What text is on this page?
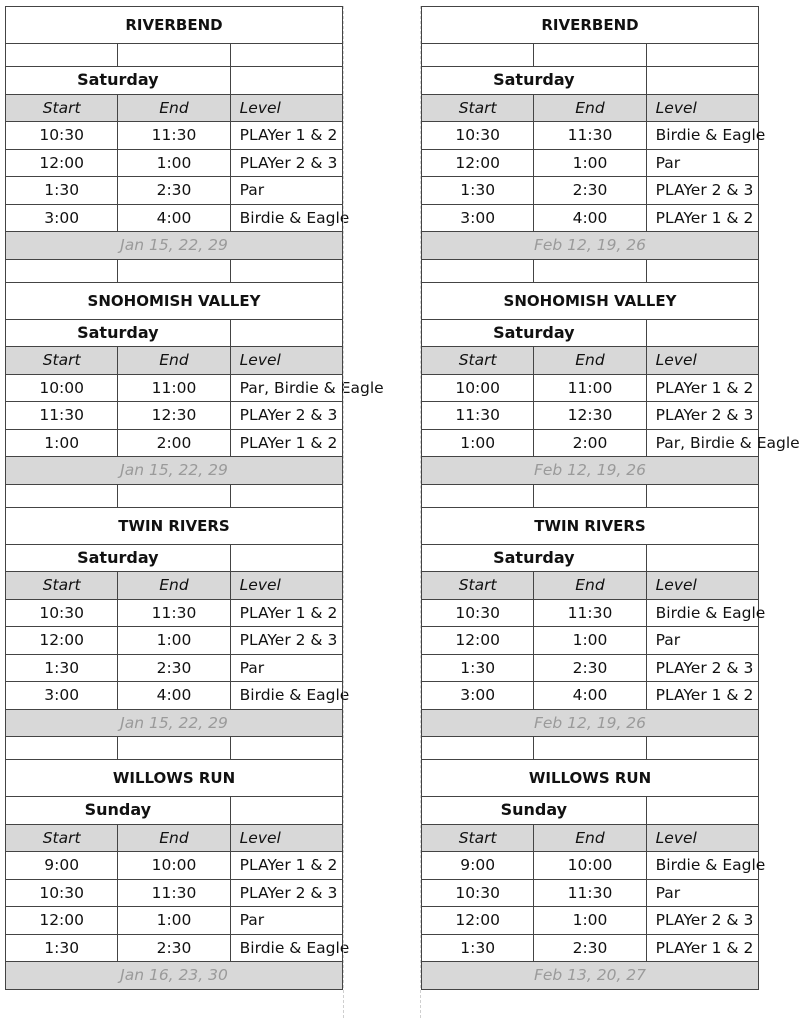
RIVERBEND		

Saturday		
Start	End	Level
10:30	11:30	PLAYer 1 & 2
12:00	1:00	PLAYer 2 & 3
1:30	2:30	Par
3:00	4:00	Birdie & Eagle
Jan 15, 22, 29		

SNOHOMISH VALLEY		
Saturday		
Start	End	Level
10:00	11:00	Par, Birdie & Eagle
11:30	12:30	PLAYer 2 & 3
1:00	2:00	PLAYer 1 & 2
Jan 15, 22, 29		

TWIN RIVERS		
Saturday		
Start	End	Level
10:30	11:30	PLAYer 1 & 2
12:00	1:00	PLAYer 2 & 3
1:30	2:30	Par
3:00	4:00	Birdie & Eagle
Jan 15, 22, 29		

WILLOWS RUN		
Sunday		
Start	End	Level
9:00	10:00	PLAYer 1 & 2
10:30	11:30	PLAYer 2 & 3
12:00	1:00	Par
1:30	2:30	Birdie & Eagle
Jan 16, 23, 30		
RIVERBEND		

Saturday		
Start	End	Level
10:30	11:30	Birdie & Eagle
12:00	1:00	Par
1:30	2:30	PLAYer 2 & 3
3:00	4:00	PLAYer 1 & 2
Feb 12, 19, 26		

SNOHOMISH VALLEY		
Saturday		
Start	End	Level
10:00	11:00	PLAYer 1 & 2
11:30	12:30	PLAYer 2 & 3
1:00	2:00	Par, Birdie & Eagle
Feb 12, 19, 26		

TWIN RIVERS		
Saturday		
Start	End	Level
10:30	11:30	Birdie & Eagle
12:00	1:00	Par
1:30	2:30	PLAYer 2 & 3
3:00	4:00	PLAYer 1 & 2
Feb 12, 19, 26		

WILLOWS RUN		
Sunday		
Start	End	Level
9:00	10:00	Birdie & Eagle
10:30	11:30	Par
12:00	1:00	PLAYer 2 & 3
1:30	2:30	PLAYer 1 & 2
Feb 13, 20, 27		
